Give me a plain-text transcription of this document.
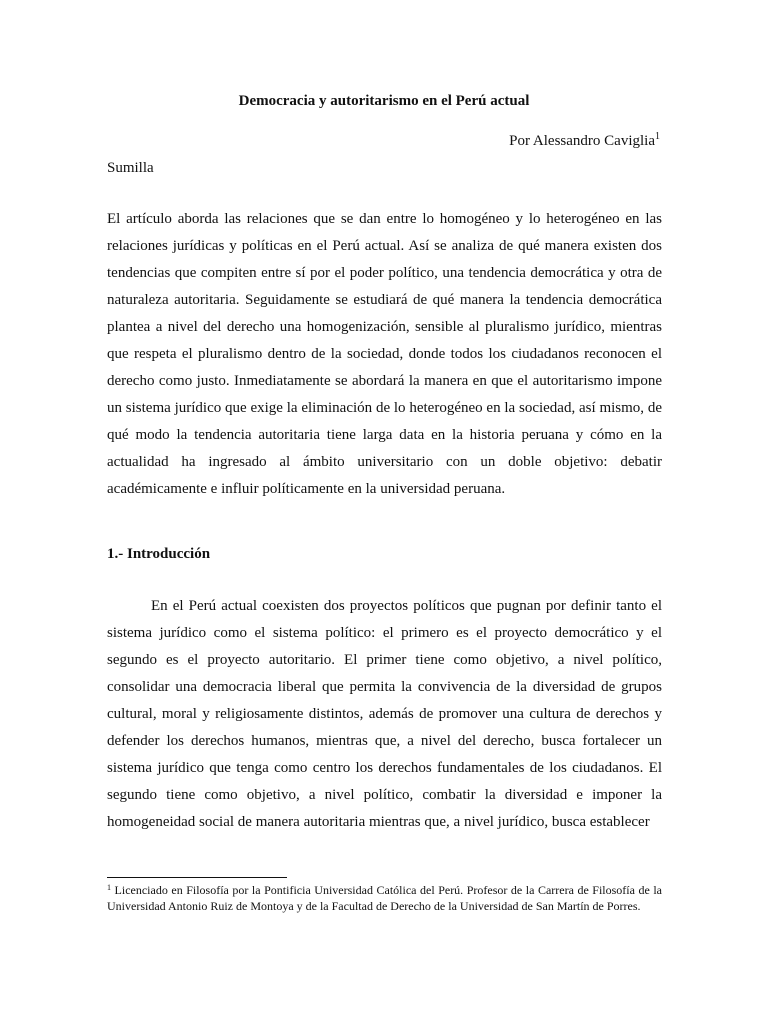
Democracia y autoritarismo en el Perú actual
Por Alessandro Caviglia$^1$
Sumilla

El artículo aborda las relaciones que se dan entre lo homogéneo y lo heterogéneo en las relaciones jurídicas y políticas en el Perú actual. Así se analiza de qué manera existen dos tendencias que compiten entre sí por el poder político, una tendencia democrática y otra de naturaleza autoritaria. Seguidamente se estudiará de qué manera la tendencia democrática plantea a nivel del derecho una homogenización, sensible al pluralismo jurídico, mientras que respeta el pluralismo dentro de la sociedad, donde todos los ciudadanos reconocen el derecho como justo. Inmediatamente se abordará la manera en que el autoritarismo impone un sistema jurídico que exige la eliminación de lo heterogéneo en la sociedad, así mismo, de qué modo la tendencia autoritaria tiene larga data en la historia peruana y cómo en la actualidad ha ingresado al ámbito universitario con un doble objetivo: debatir académicamente e influir políticamente en la universidad peruana.

1.- Introducción

En el Perú actual coexisten dos proyectos políticos que pugnan por definir tanto el sistema jurídico como el sistema político: el primero es el proyecto democrático y el segundo es el proyecto autoritario. El primer tiene como objetivo, a nivel político, consolidar una democracia liberal que permita la convivencia de la diversidad de grupos cultural, moral y religiosamente distintos, además de promover una cultura de derechos y defender los derechos humanos, mientras que, a nivel del derecho, busca fortalecer un sistema jurídico que tenga como centro los derechos fundamentales de los ciudadanos. El segundo tiene como objetivo, a nivel político, combatir la diversidad e imponer la homogeneidad social de manera autoritaria mientras que, a nivel jurídico, busca establecer

$^1$ Licenciado en Filosofía por la Pontificia Universidad Católica del Perú. Profesor de la Carrera de Filosofía de la Universidad Antonio Ruiz de Montoya y de la Facultad de Derecho de la Universidad de San Martín de Porres.
